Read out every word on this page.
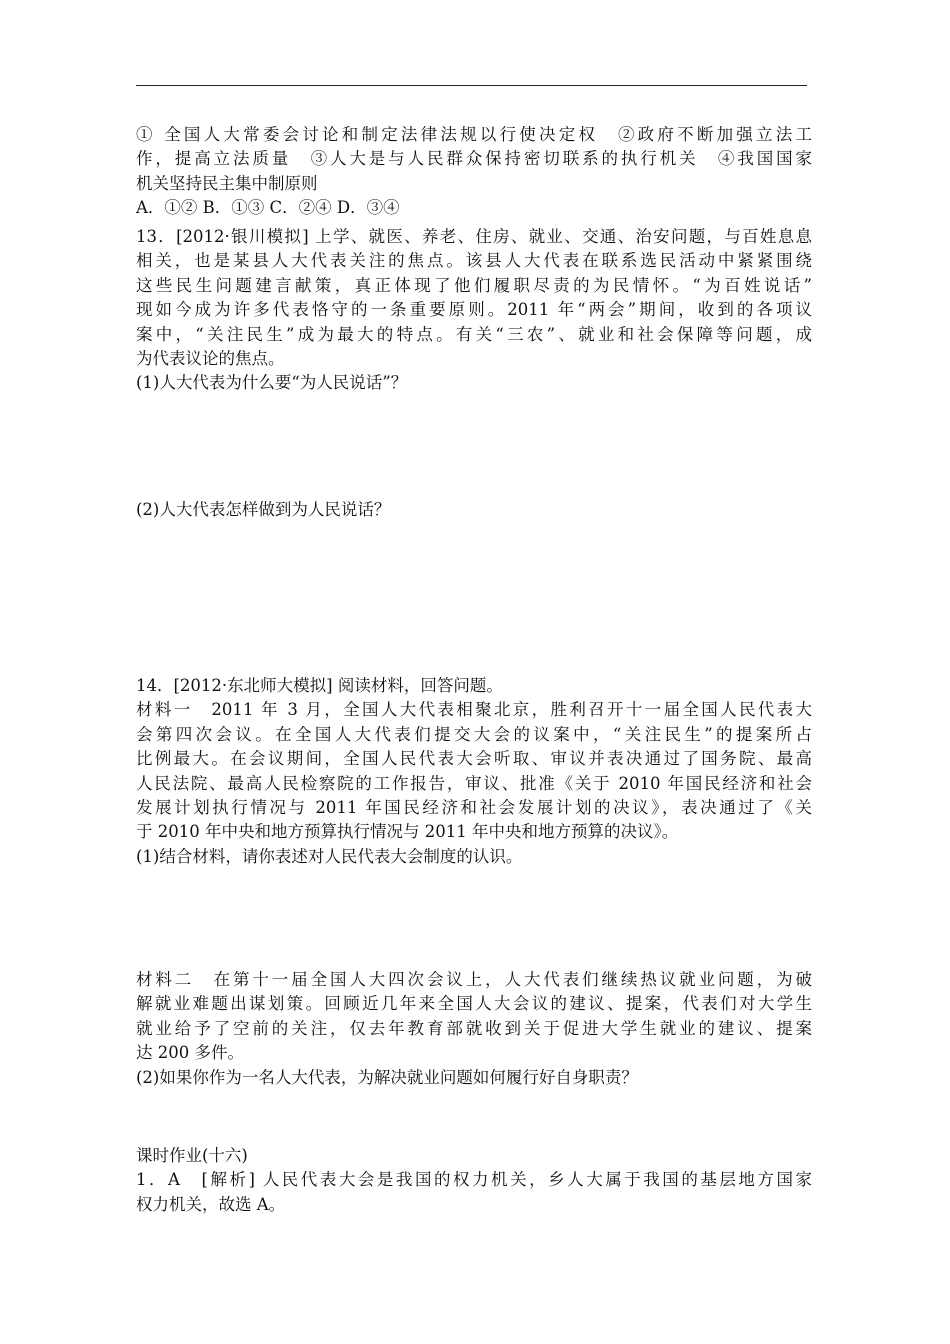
① 全国人大常委会讨论和制定法律法规以行使决定权　②政府不断加强立法工
作，提高立法质量　③人大是与人民群众保持密切联系的执行机关　④我国国家
机关坚持民主集中制原则
A．①② B．①③ C．②④ D．③④
13．[2012·银川模拟] 上学、就医、养老、住房、就业、交通、治安问题，与百姓息息
相关，也是某县人大代表关注的焦点。该县人大代表在联系选民活动中紧紧围绕
这些民生问题建言献策，真正体现了他们履职尽责的为民情怀。“为百姓说话”
现如今成为许多代表恪守的一条重要原则。2011 年“两会”期间，收到的各项议
案中，“关注民生”成为最大的特点。有关“三农”、就业和社会保障等问题，成
为代表议论的焦点。
(1)人大代表为什么要“为人民说话”？
(2)人大代表怎样做到为人民说话？
14．[2012·东北师大模拟] 阅读材料，回答问题。
材料一　2011 年 3 月，全国人大代表相聚北京，胜利召开十一届全国人民代表大
会第四次会议。在全国人大代表们提交大会的议案中，“关注民生”的提案所占
比例最大。在会议期间，全国人民代表大会听取、审议并表决通过了国务院、最高
人民法院、最高人民检察院的工作报告，审议、批准《关于 2010 年国民经济和社会
发展计划执行情况与 2011 年国民经济和社会发展计划的决议》，表决通过了《关
于 2010 年中央和地方预算执行情况与 2011 年中央和地方预算的决议》。
(1)结合材料，请你表述对人民代表大会制度的认识。
材料二　在第十一届全国人大四次会议上，人大代表们继续热议就业问题，为破
解就业难题出谋划策。回顾近几年来全国人大会议的建议、提案，代表们对大学生
就业给予了空前的关注，仅去年教育部就收到关于促进大学生就业的建议、提案
达 200 多件。
(2)如果你作为一名人大代表，为解决就业问题如何履行好自身职责？
课时作业(十六)
1．A　[解析] 人民代表大会是我国的权力机关，乡人大属于我国的基层地方国家
权力机关，故选 A。
